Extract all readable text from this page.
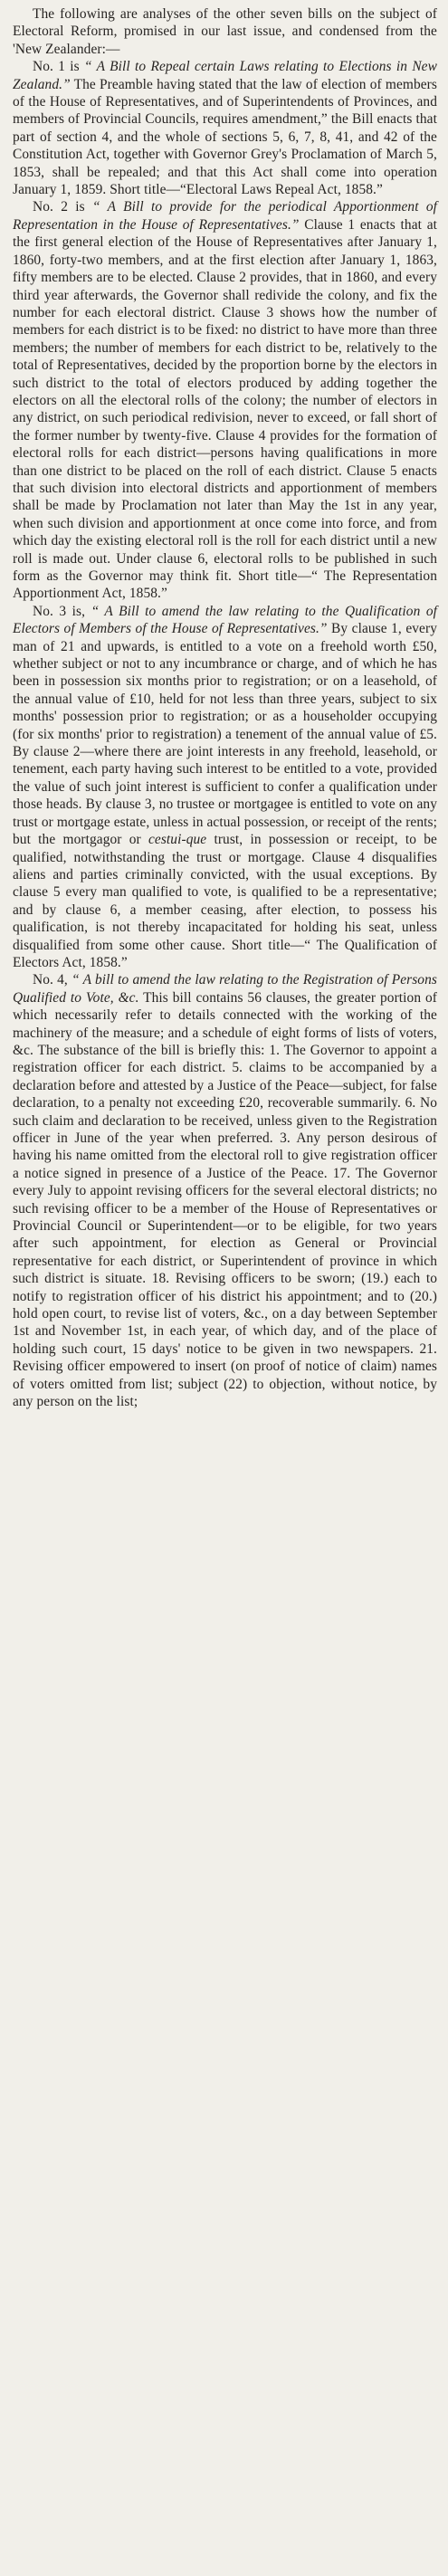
The following are analyses of the other seven bills on the subject of Electoral Reform, promised in our last issue, and condensed from the 'New Zealander:—

No. 1 is “ A Bill to Repeal certain Laws relating to Elections in New Zealand.” The Preamble having stated that the law of election of members of the House of Representatives, and of Superintendents of Provinces, and members of Provincial Councils, requires amendment,” the Bill enacts that part of section 4, and the whole of sections 5, 6, 7, 8, 41, and 42 of the Constitution Act, together with Governor Grey's Proclamation of March 5, 1853, shall be repealed; and that this Act shall come into operation January 1, 1859. Short title—“Electoral Laws Repeal Act, 1858.”

No. 2 is “ A Bill to provide for the periodical Apportionment of Representation in the House of Representatives.” Clause 1 enacts that at the first general election of the House of Representatives after January 1, 1860, forty-two members, and at the first election after January 1, 1863, fifty members are to be elected. Clause 2 provides, that in 1860, and every third year afterwards, the Governor shall redivide the colony, and fix the number for each electoral district. Clause 3 shows how the number of members for each district is to be fixed: no district to have more than three members; the number of members for each district to be, relatively to the total of Representatives, decided by the proportion borne by the electors in such district to the total of electors produced by adding together the electors on all the electoral rolls of the colony; the number of electors in any district, on such periodical redivision, never to exceed, or fall short of the former number by twenty-five. Clause 4 provides for the formation of electoral rolls for each district—persons having qualifications in more than one district to be placed on the roll of each district. Clause 5 enacts that such division into electoral districts and apportionment of members shall be made by Proclamation not later than May the 1st in any year, when such division and apportionment at once come into force, and from which day the existing electoral roll is the roll for each district until a new roll is made out. Under clause 6, electoral rolls to be published in such form as the Governor may think fit. Short title—“ The Representation Apportionment Act, 1858.”

No. 3 is, “ A Bill to amend the law relating to the Qualification of Electors of Members of the House of Representatives.” By clause 1, every man of 21 and upwards, is entitled to a vote on a freehold worth £50, whether subject or not to any incumbrance or charge, and of which he has been in possession six months prior to registration; or on a leasehold, of the annual value of £10, held for not less than three years, subject to six months' possession prior to registration; or as a householder occupying (for six months' prior to registration) a tenement of the annual value of £5. By clause 2—where there are joint interests in any freehold, leasehold, or tenement, each party having such interest to be entitled to a vote, provided the value of such joint interest is sufficient to confer a qualification under those heads. By clause 3, no trustee or mortgagee is entitled to vote on any trust or mortgage estate, unless in actual possession, or receipt of the rents; but the mortgagor or cestui-que trust, in possession or receipt, to be qualified, notwithstanding the trust or mortgage. Clause 4 disqualifies aliens and parties criminally convicted, with the usual exceptions. By clause 5 every man qualified to vote, is qualified to be a representative; and by clause 6, a member ceasing, after election, to possess his qualification, is not thereby incapacitated for holding his seat, unless disqualified from some other cause. Short title—“ The Qualification of Electors Act, 1858.”

No. 4, “ A bill to amend the law relating to the Registration of Persons Qualified to Vote, &c. This bill contains 56 clauses, the greater portion of which necessarily refer to details connected with the working of the machinery of the measure; and a schedule of eight forms of lists of voters, &c. The substance of the bill is briefly this: 1. The Governor to appoint a registration officer for each district. 5. claims to be accompanied by a declaration before and attested by a Justice of the Peace—subject, for false declaration, to a penalty not exceeding £20, recoverable summarily. 6. No such claim and declaration to be received, unless given to the Registration officer in June of the year when preferred. 3. Any person desirous of having his name omitted from the electoral roll to give registration officer a notice signed in presence of a Justice of the Peace. 17. The Governor every July to appoint revising officers for the several electoral districts; no such revising officer to be a member of the House of Representatives or Provincial Council or Superintendent—or to be eligible, for two years after such appointment, for election as General or Provincial representative for each district, or Superintendent of province in which such district is situate. 18. Revising officers to be sworn; (19.) each to notify to registration officer of his district his appointment; and to (20.) hold open court, to revise list of voters, &c., on a day between September 1st and November 1st, in each year, of which day, and of the place of holding such court, 15 days' notice to be given in two newspapers. 21. Revising officer empowered to insert (on proof of notice of claim) names of voters omitted from list; subject (22) to objection, without notice, by any person on the list;
